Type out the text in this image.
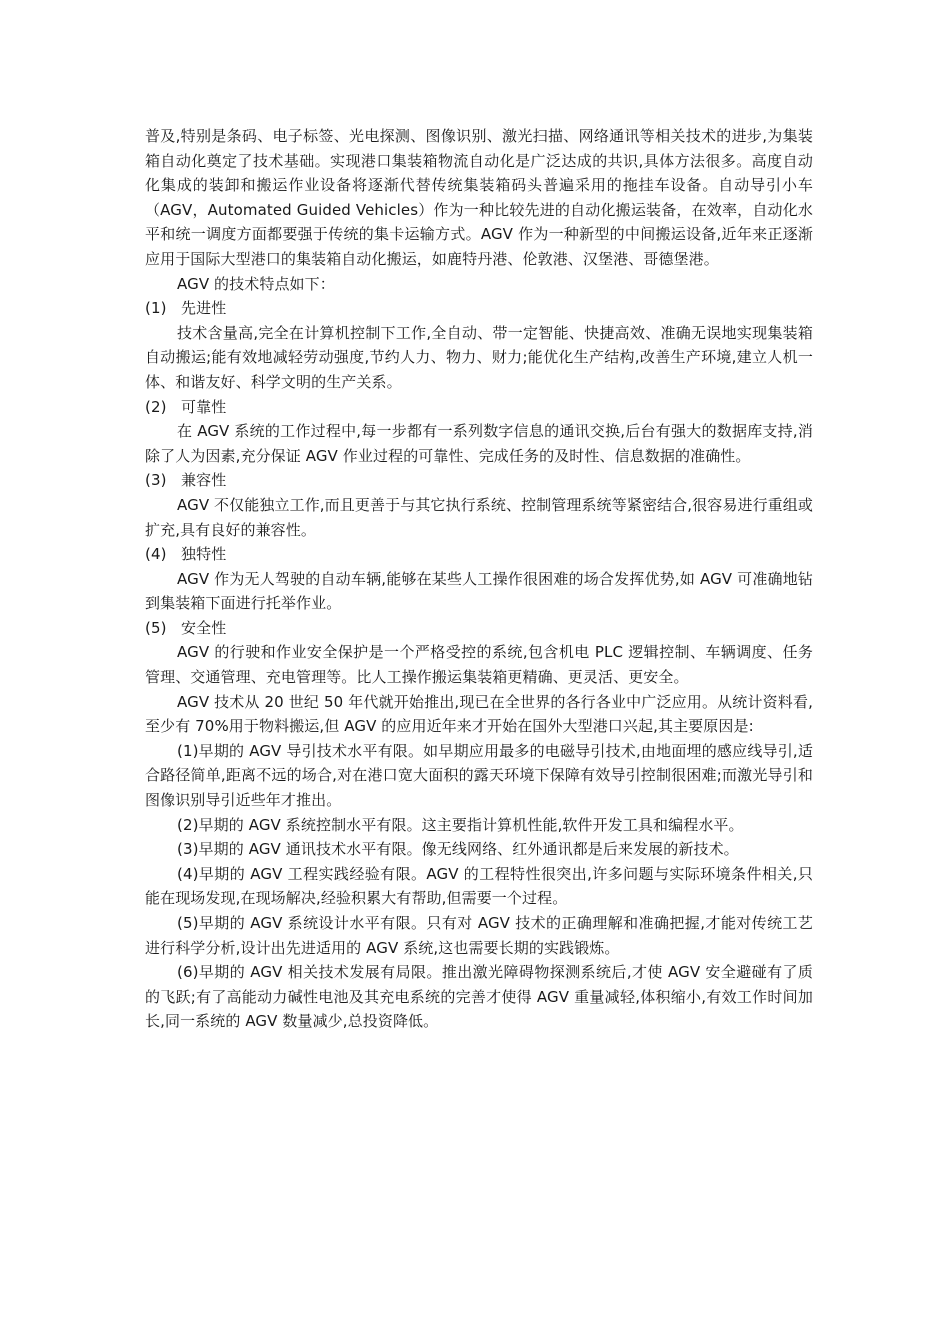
普及,特别是条码、电子标签、光电探测、图像识别、激光扫描、网络通讯等相关技术的进步,为集装箱自动化奠定了技术基础。实现港口集装箱物流自动化是广泛达成的共识,具体方法很多。高度自动化集成的装卸和搬运作业设备将逐渐代替传统集装箱码头普遍采用的拖挂车设备。自动导引小车（AGV，Automated Guided Vehicles）作为一种比较先进的自动化搬运装备，在效率，自动化水平和统一调度方面都要强于传统的集卡运输方式。AGV 作为一种新型的中间搬运设备,近年来正逐渐应用于国际大型港口的集装箱自动化搬运，如鹿特丹港、伦敦港、汉堡港、哥德堡港。

AGV 的技术特点如下：

(1) 先进性

技术含量高,完全在计算机控制下工作,全自动、带一定智能、快捷高效、准确无误地实现集装箱自动搬运;能有效地减轻劳动强度,节约人力、物力、财力;能优化生产结构,改善生产环境,建立人机一体、和谐友好、科学文明的生产关系。

(2) 可靠性

在 AGV 系统的工作过程中,每一步都有一系列数字信息的通讯交换,后台有强大的数据库支持,消除了人为因素,充分保证 AGV 作业过程的可靠性、完成任务的及时性、信息数据的准确性。

(3) 兼容性

AGV 不仅能独立工作,而且更善于与其它执行系统、控制管理系统等紧密结合,很容易进行重组或扩充,具有良好的兼容性。

(4) 独特性

AGV 作为无人驾驶的自动车辆,能够在某些人工操作很困难的场合发挥优势,如 AGV 可准确地钻到集装箱下面进行托举作业。

(5) 安全性

AGV 的行驶和作业安全保护是一个严格受控的系统,包含机电 PLC 逻辑控制、车辆调度、任务管理、交通管理、充电管理等。比人工操作搬运集装箱更精确、更灵活、更安全。

AGV 技术从 20 世纪 50 年代就开始推出,现已在全世界的各行各业中广泛应用。从统计资料看,至少有 70%用于物料搬运,但 AGV 的应用近年来才开始在国外大型港口兴起,其主要原因是:

(1)早期的 AGV 导引技术水平有限。如早期应用最多的电磁导引技术,由地面埋的感应线导引,适合路径简单,距离不远的场合,对在港口宽大面积的露天环境下保障有效导引控制很困难;而激光导引和图像识别导引近些年才推出。

(2)早期的 AGV 系统控制水平有限。这主要指计算机性能,软件开发工具和编程水平。

(3)早期的 AGV 通讯技术水平有限。像无线网络、红外通讯都是后来发展的新技术。

(4)早期的 AGV 工程实践经验有限。AGV 的工程特性很突出,许多问题与实际环境条件相关,只能在现场发现,在现场解决,经验积累大有帮助,但需要一个过程。

(5)早期的 AGV 系统设计水平有限。只有对 AGV 技术的正确理解和准确把握,才能对传统工艺进行科学分析,设计出先进适用的 AGV 系统,这也需要长期的实践锻炼。

(6)早期的 AGV 相关技术发展有局限。推出激光障碍物探测系统后,才使 AGV 安全避碰有了质的飞跃;有了高能动力碱性电池及其充电系统的完善才使得 AGV 重量减轻,体积缩小,有效工作时间加长,同一系统的 AGV 数量减少,总投资降低。
